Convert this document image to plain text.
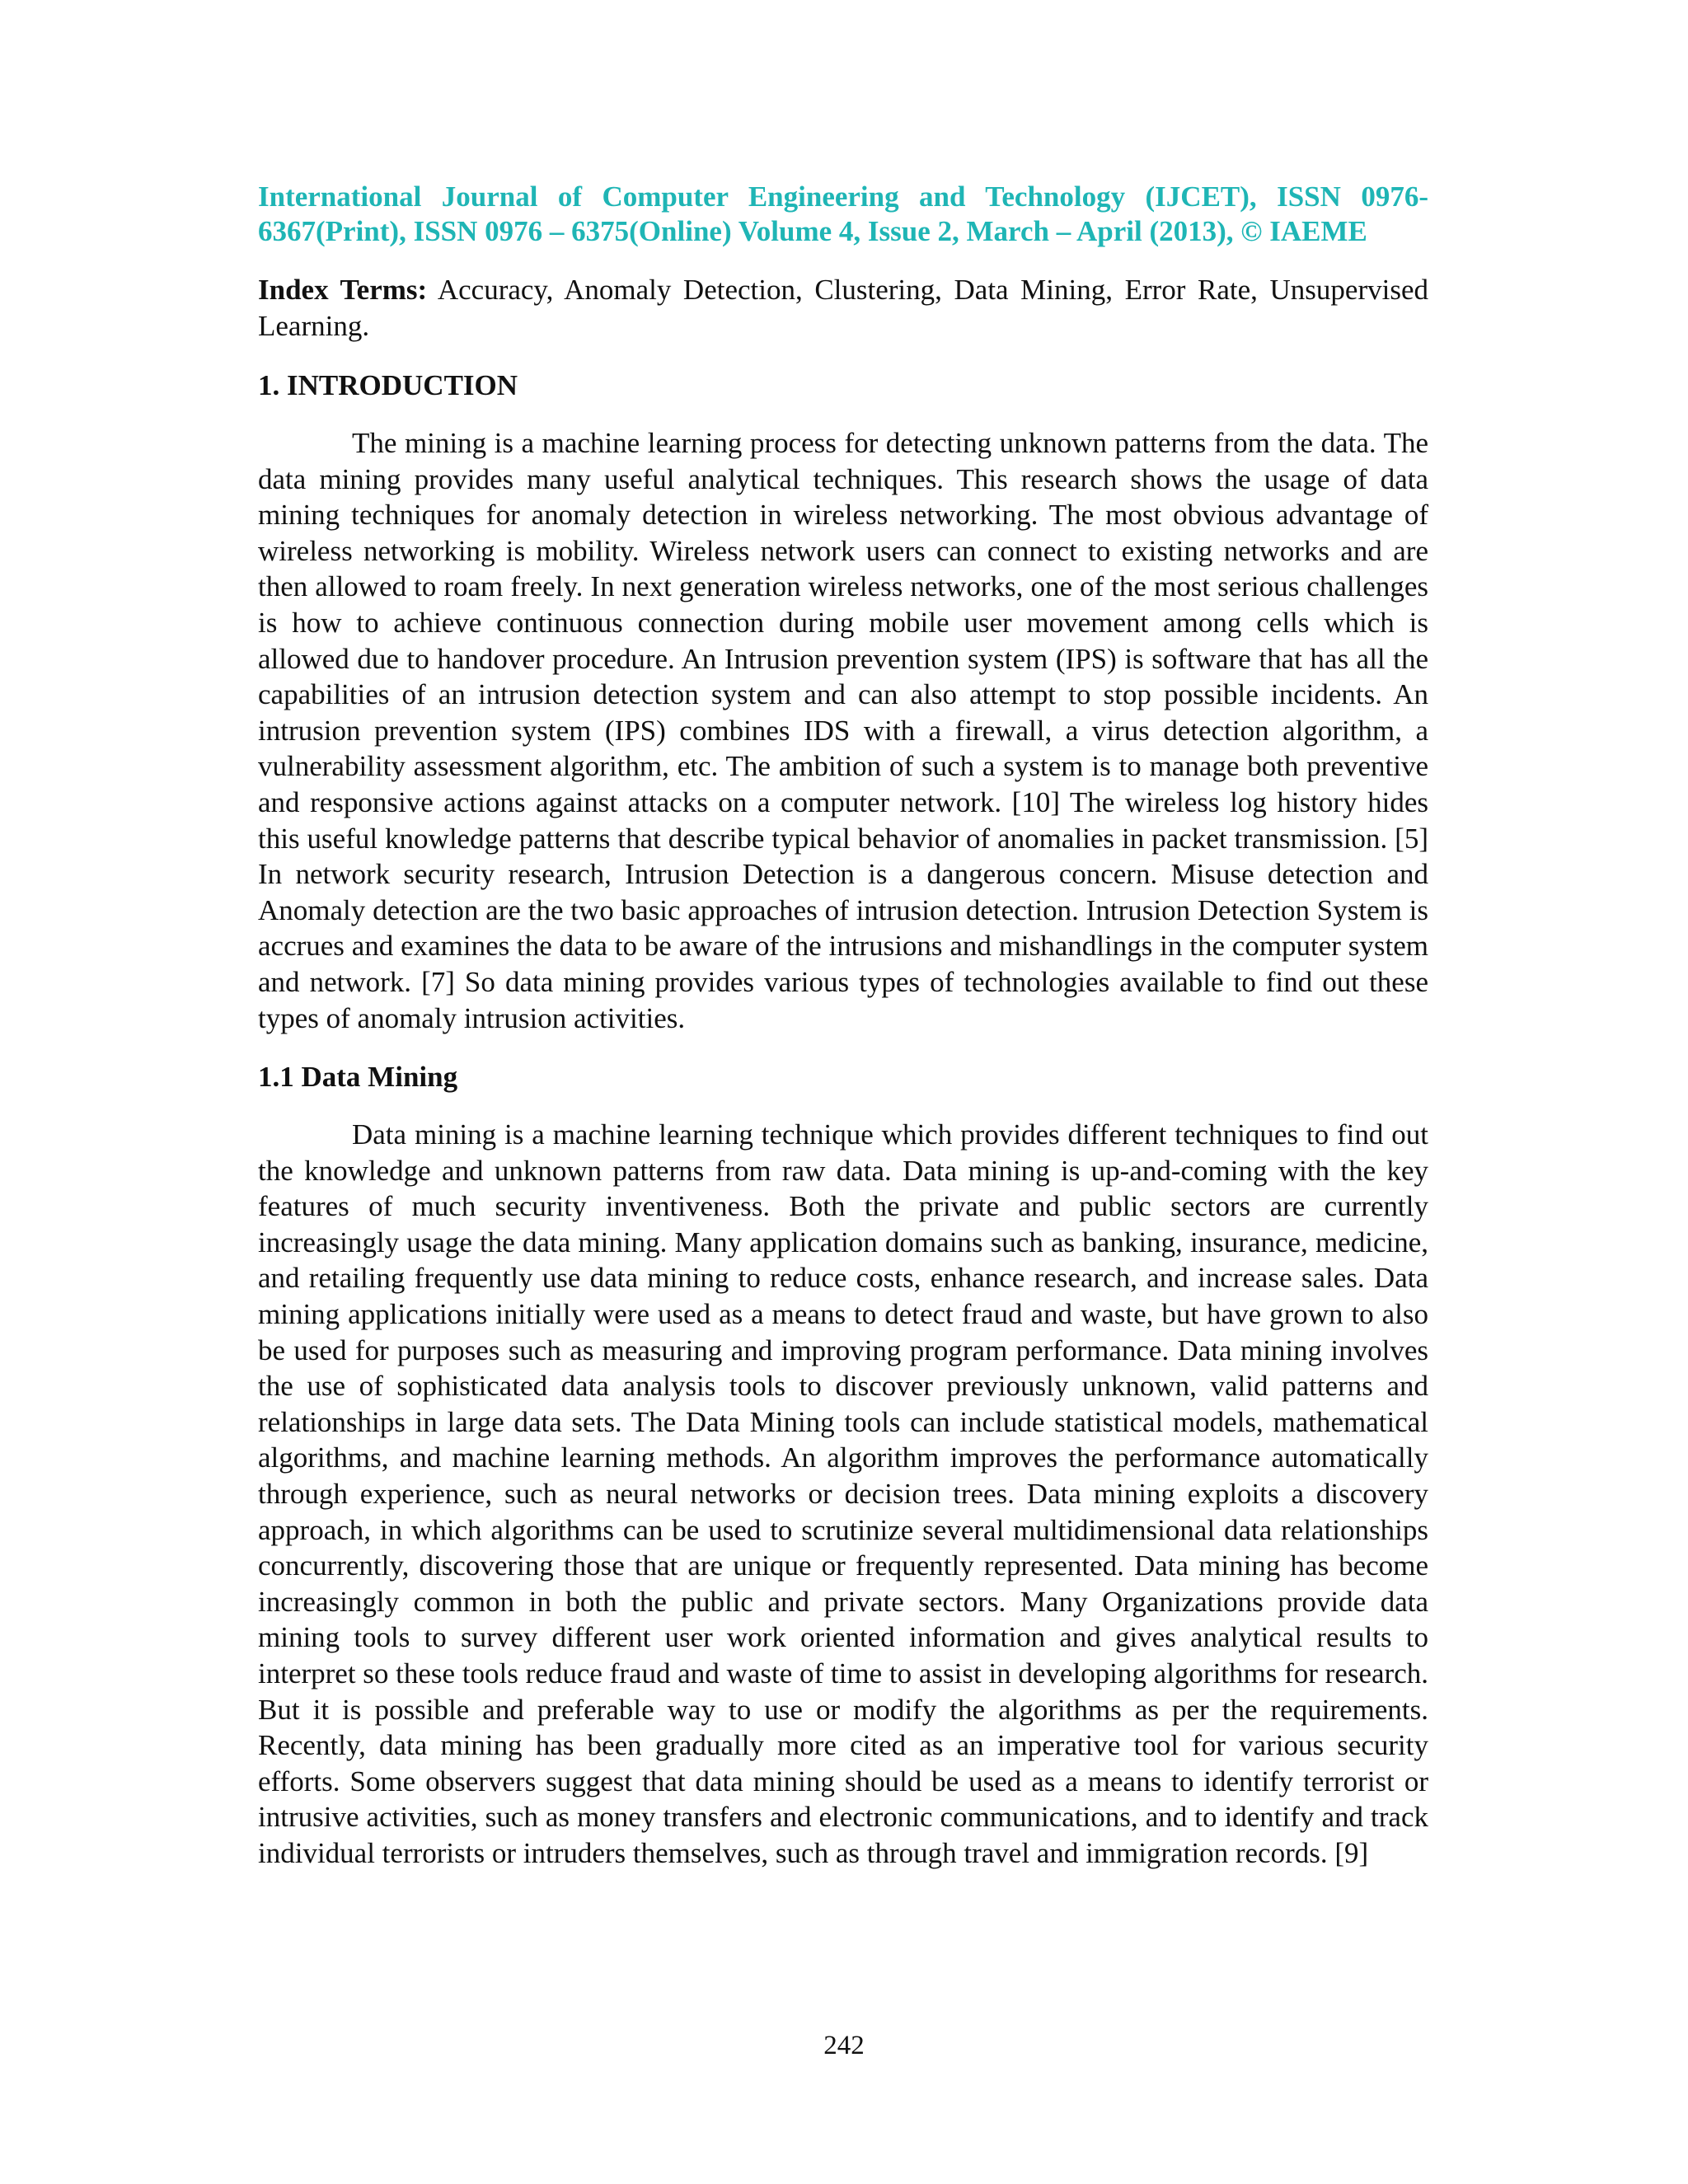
International Journal of Computer Engineering and Technology (IJCET), ISSN 0976-6367(Print), ISSN 0976 – 6375(Online) Volume 4, Issue 2, March – April (2013), © IAEME
Index Terms: Accuracy, Anomaly Detection, Clustering, Data Mining, Error Rate, Unsupervised Learning.
1. INTRODUCTION

The mining is a machine learning process for detecting unknown patterns from the data. The data mining provides many useful analytical techniques. This research shows the usage of data mining techniques for anomaly detection in wireless networking. The most obvious advantage of wireless networking is mobility. Wireless network users can connect to existing networks and are then allowed to roam freely. In next generation wireless networks, one of the most serious challenges is how to achieve continuous connection during mobile user movement among cells which is allowed due to handover procedure. An Intrusion prevention system (IPS) is software that has all the capabilities of an intrusion detection system and can also attempt to stop possible incidents. An intrusion prevention system (IPS) combines IDS with a firewall, a virus detection algorithm, a vulnerability assessment algorithm, etc. The ambition of such a system is to manage both preventive and responsive actions against attacks on a computer network. [10] The wireless log history hides this useful knowledge patterns that describe typical behavior of anomalies in packet transmission. [5] In network security research, Intrusion Detection is a dangerous concern. Misuse detection and Anomaly detection are the two basic approaches of intrusion detection. Intrusion Detection System is accrues and examines the data to be aware of the intrusions and mishandlings in the computer system and network. [7] So data mining provides various types of technologies available to find out these types of anomaly intrusion activities.

1.1 Data Mining

Data mining is a machine learning technique which provides different techniques to find out the knowledge and unknown patterns from raw data. Data mining is up-and-coming with the key features of much security inventiveness. Both the private and public sectors are currently increasingly usage the data mining. Many application domains such as banking, insurance, medicine, and retailing frequently use data mining to reduce costs, enhance research, and increase sales. Data mining applications initially were used as a means to detect fraud and waste, but have grown to also be used for purposes such as measuring and improving program performance. Data mining involves the use of sophisticated data analysis tools to discover previously unknown, valid patterns and relationships in large data sets. The Data Mining tools can include statistical models, mathematical algorithms, and machine learning methods. An algorithm improves the performance automatically through experience, such as neural networks or decision trees. Data mining exploits a discovery approach, in which algorithms can be used to scrutinize several multidimensional data relationships concurrently, discovering those that are unique or frequently represented. Data mining has become increasingly common in both the public and private sectors. Many Organizations provide data mining tools to survey different user work oriented information and gives analytical results to interpret so these tools reduce fraud and waste of time to assist in developing algorithms for research. But it is possible and preferable way to use or modify the algorithms as per the requirements. Recently, data mining has been gradually more cited as an imperative tool for various security efforts. Some observers suggest that data mining should be used as a means to identify terrorist or intrusive activities, such as money transfers and electronic communications, and to identify and track individual terrorists or intruders themselves, such as through travel and immigration records. [9]

242
